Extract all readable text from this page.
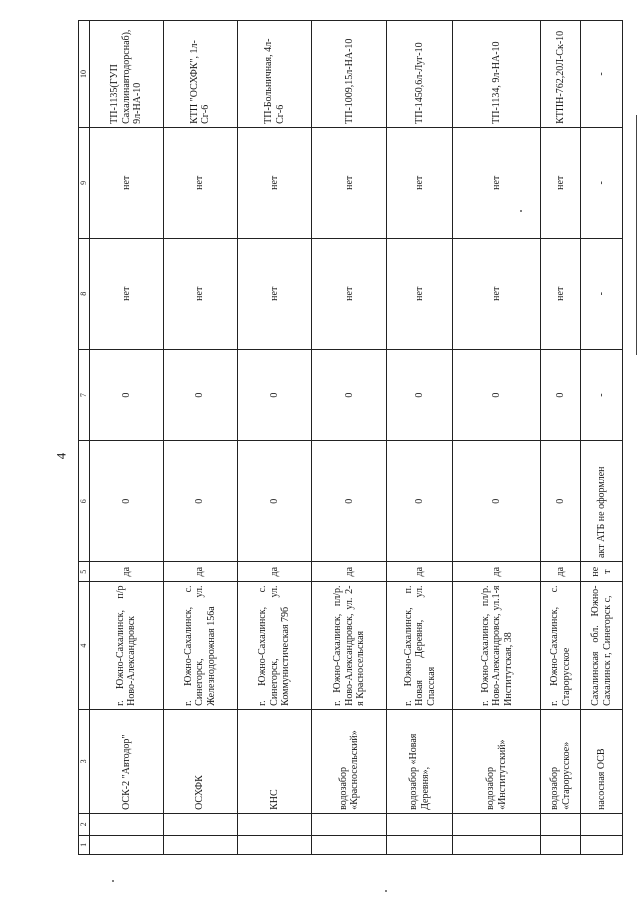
4
1	2	3	4	5	6	7	8	9	10
		ОСК-2 "Автодор"	г. Южно-Сахалинск, п/р Ново-Александровск	да	0	0	нет	нет	ТП-1135(ГУП Сахалинавтодорснаб), 9л-НА-10
		ОСХФК	г. Южно-Сахалинск, с. Синегорск, ул. Железнодорожная 156а	да	0	0	нет	нет	КТП "ОСХФК", 1л-Сг-6
		КНС	г. Южно-Сахалинск, с. Синегорск, ул. Коммунистическая 79б	да	0	0	нет	нет	ТП-Больничная, 4л-Сг-6
		водозабор «Красносельский»	г. Южно-Сахалинск, пл/р. Ново-Александровск, ул. 2-я Красносельская	да	0	0	нет	нет	ТП-1009,15л-НА-10
		водозабор «Новая Деревня»,	г. Южно-Сахалинск, п. Новая Деревня, ул. Спасская	да	0	0	нет	нет	ТП-1450,6л-Луг-10
		водозабор «Институтский»	г. Южно-Сахалинск, пл/р. Ново-Александровск, ул.1-я Институтская, 38	да	0	0	нет	нет	ТП-1134, 9л-НА-10
		водозабор «Старорусское»	г. Южно-Сахалинск, с. Старорусское	да	0	0	нет	нет	КТПН-762,20Л-Ск-10
		насосная ОСВ	Сахалинская обл. Южно-Сахалинск г, Синегорск с,	нет	акт АТБ не оформлен	-	-	-	-
